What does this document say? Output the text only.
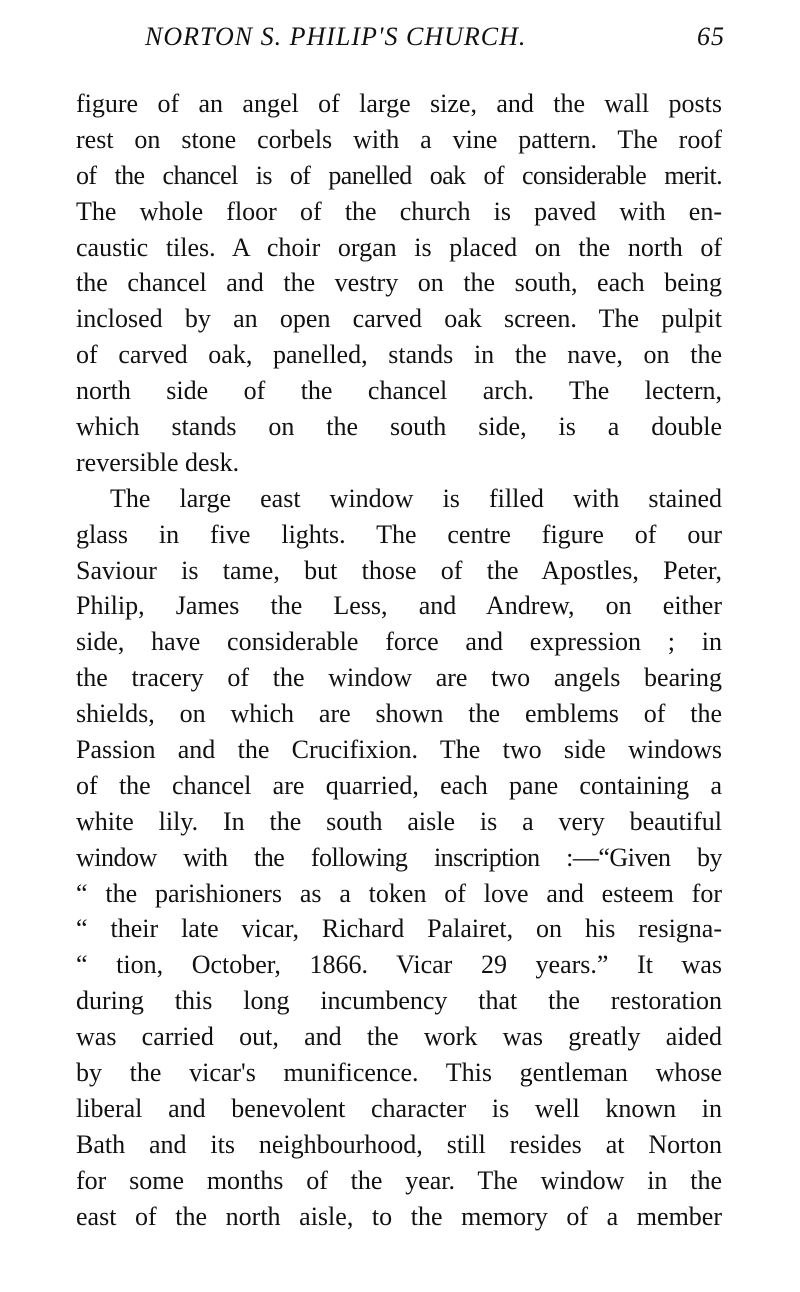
NORTON S. PHILIP'S CHURCH.	65
figure of an angel of large size, and the wall posts
rest on stone corbels with a vine pattern. The roof
of the chancel is of panelled oak of considerable merit.
The whole floor of the church is paved with en-
caustic tiles. A choir organ is placed on the north of
the chancel and the vestry on the south, each being
inclosed by an open carved oak screen. The pulpit
of carved oak, panelled, stands in the nave, on the
north side of the chancel arch. The lectern,
which stands on the south side, is a double
reversible desk.
The large east window is filled with stained
glass in five lights. The centre figure of our
Saviour is tame, but those of the Apostles, Peter,
Philip, James the Less, and Andrew, on either
side, have considerable force and expression ; in
the tracery of the window are two angels bearing
shields, on which are shown the emblems of the
Passion and the Crucifixion. The two side windows
of the chancel are quarried, each pane containing a
white lily. In the south aisle is a very beautiful
window with the following inscription :—“Given by
“ the parishioners as a token of love and esteem for
“ their late vicar, Richard Palairet, on his resigna-
“ tion, October, 1866. Vicar 29 years.” It was
during this long incumbency that the restoration
was carried out, and the work was greatly aided
by the vicar's munificence. This gentleman whose
liberal and benevolent character is well known in
Bath and its neighbourhood, still resides at Norton
for some months of the year. The window in the
east of the north aisle, to the memory of a member
